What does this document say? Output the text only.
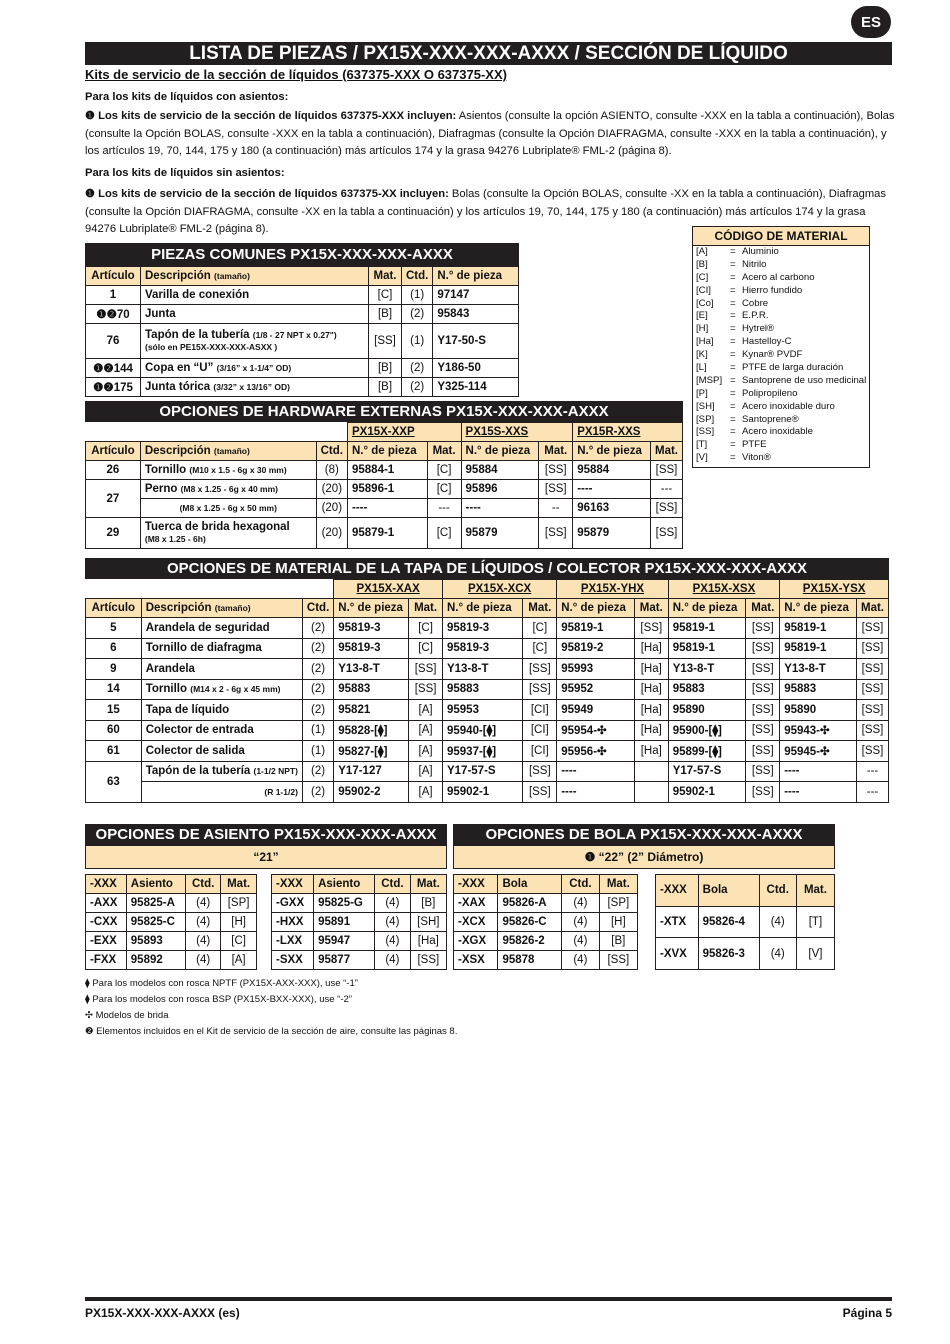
ES
LISTA DE PIEZAS / PX15X-XXX-XXX-AXXX / SECCIÓN DE LÍQUIDO
Kits de servicio de la sección de líquidos (637375-XXX O 637375-XX)
Para los kits de líquidos con asientos:
❶ Los kits de servicio de la sección de líquidos 637375-XXX incluyen: Asientos (consulte la opción ASIENTO, consulte -XXX en la tabla a continuación), Bolas (consulte la Opción BOLAS, consulte -XXX en la tabla a continuación), Diafragmas (consulte la Opción DIAFRAGMA, consulte -XXX en la tabla a continuación), y los artículos 19, 70, 144, 175 y 180 (a continuación) más artículos 174 y la grasa 94276 Lubriplate® FML-2 (página 8).
Para los kits de líquidos sin asientos:
❶ Los kits de servicio de la sección de líquidos 637375-XX incluyen: Bolas (consulte la Opción BOLAS, consulte -XX en la tabla a continuación), Diafragmas (consulte la Opción DIAFRAGMA, consulte -XX en la tabla a continuación) y los artículos 19, 70, 144, 175 y 180 (a continuación) más artículos 174 y la grasa 94276 Lubriplate® FML-2 (página 8).
PIEZAS COMUNES PX15X-XXX-XXX-AXXX
Artículo	Descripción (tamaño)	Mat.	Ctd.	N.° de pieza
1	Varilla de conexión	[C]	(1)	97147
❶❷70	Junta	[B]	(2)	95843
76	Tapón de la tubería (1/8 - 27 NPT x 0.27")
(sólo en PE15X-XXX-XXX-ASXX )	[SS]	(1)	Y17-50-S
❶❷144	Copa en “U” (3/16” x 1-1/4” OD)	[B]	(2)	Y186-50
❶❷175	Junta tórica (3/32” x 13/16” OD)	[B]	(2)	Y325-114
CÓDIGO DE MATERIAL
[A]	= Aluminio
[B]	= Nitrilo
[C]	= Acero al carbono
[CI]	= Hierro fundido
[Co]	= Cobre
[E]	= E.P.R.
[H]	= Hytrel®
[Ha]	= Hastelloy-C
[K]	= Kynar® PVDF
[L]	= PTFE de larga duración
[MSP] = Santoprene de uso medicinal
[P]	= Polipropileno
[SH]	= Acero inoxidable duro
[SP]	= Santoprene®
[SS]	= Acero inoxidable
[T]	= PTFE
[V]	= Viton®
OPCIONES DE HARDWARE EXTERNAS PX15X-XXX-XXX-AXXX
			PX15X-XXP		PX15S-XXS		PX15R-XXS	
Artículo	Descripción (tamaño)	Ctd.	N.° de pieza	Mat.	N.° de pieza	Mat.	N.° de pieza	Mat.
26	Tornillo (M10 x 1.5 - 6g x 30 mm)	(8)	95884-1	[C]	95884	[SS]	95884	[SS]
27	Perno (M8 x 1.25 - 6g x 40 mm)	(20)	95896-1	[C]	95896	[SS]	----	---
	(M8 x 1.25 - 6g x 50 mm)	(20)	----	---	----	--	96163	[SS]
29	Tuerca de brida hexagonal
(M8 x 1.25 - 6h)	(20)	95879-1	[C]	95879	[SS]	95879	[SS]
OPCIONES DE MATERIAL DE LA TAPA DE LÍQUIDOS / COLECTOR PX15X-XXX-XXX-AXXX
			PX15X-XAX		PX15X-XCX		PX15X-YHX		PX15X-XSX		PX15X-YSX	
Artículo	Descripción (tamaño)	Ctd.	N.° de pieza	Mat.	N.° de pieza	Mat.	N.° de pieza	Mat.	N.° de pieza	Mat.	N.° de pieza	Mat.
5	Arandela de seguridad	(2)	95819-3	[C]	95819-3	[C]	95819-1	[SS]	95819-1	[SS]	95819-1	[SS]
6	Tornillo de diafragma	(2)	95819-3	[C]	95819-3	[C]	95819-2	[Ha]	95819-1	[SS]	95819-1	[SS]
9	Arandela	(2)	Y13-8-T	[SS]	Y13-8-T	[SS]	95993	[Ha]	Y13-8-T	[SS]	Y13-8-T	[SS]
14	Tornillo (M14 x 2 - 6g x 45 mm)	(2)	95883	[SS]	95883	[SS]	95952	[Ha]	95883	[SS]	95883	[SS]
15	Tapa de líquido	(2)	95821	[A]	95953	[CI]	95949	[Ha]	95890	[SS]	95890	[SS]
60	Colector de entrada	(1)	95828-[⧫]	[A]	95940-[⧫]	[CI]	95954-✣	[Ha]	95900-[⧫]	[SS]	95943-✣	[SS]
61	Colector de salida	(1)	95827-[⧫]	[A]	95937-[⧫]	[CI]	95956-✣	[Ha]	95899-[⧫]	[SS]	95945-✣	[SS]
63	Tapón de la tubería (1-1/2 NPT)	(2)	Y17-127	[A]	Y17-57-S	[SS]	----		Y17-57-S	[SS]	----	---
	(R 1-1/2)	(2)	95902-2	[A]	95902-1	[SS]	----		95902-1	[SS]	----	---
OPCIONES DE ASIENTO PX15X-XXX-XXX-AXXX
“21”
-XXX	Asiento	Ctd.	Mat.
-AXX	95825-A	(4)	[SP]
-CXX	95825-C	(4)	[H]
-EXX	95893	(4)	[C]
-FXX	95892	(4)	[A]
-XXX	Asiento	Ctd.	Mat.
-GXX	95825-G	(4)	[B]
-HXX	95891	(4)	[SH]
-LXX	95947	(4)	[Ha]
-SXX	95877	(4)	[SS]
OPCIONES DE BOLA PX15X-XXX-XXX-AXXX
❶ “22” (2” Diámetro)
-XXX	Bola	Ctd.	Mat.
-XAX	95826-A	(4)	[SP]
-XCX	95826-C	(4)	[H]
-XGX	95826-2	(4)	[B]
-XSX	95878	(4)	[SS]
-XXX	Bola	Ctd.	Mat.
-XTX	95826-4	(4)	[T]
-XVX	95826-3	(4)	[V]
⧫ Para los modelos con rosca NPTF (PX15X-AXX-XXX), use “-1”
⧫ Para los modelos con rosca BSP (PX15X-BXX-XXX), use “-2”
✣ Modelos de brida
❷ Elementos incluidos en el Kit de servicio de la sección de aire, consulte las páginas 8.
PX15X-XXX-XXX-AXXX (es)	Página 5
